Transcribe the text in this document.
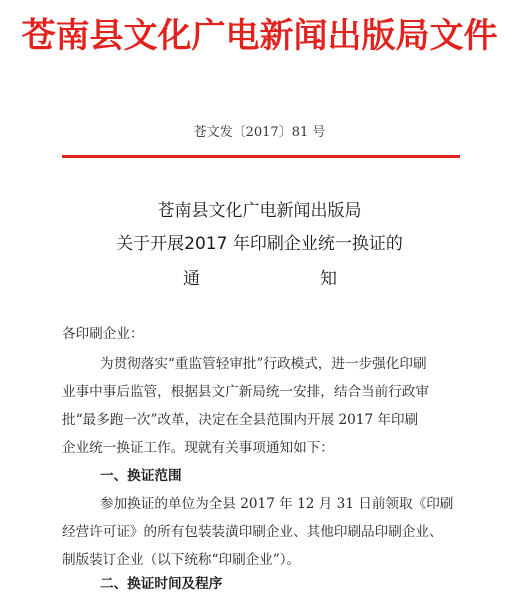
苍南县文化广电新闻出版局文件
苍文发〔2017〕81 号
苍南县文化广电新闻出版局
关于开展2017 年印刷企业统一换证的
通	知
各印刷企业：
为贯彻落实“重监管轻审批”行政模式，进一步强化印刷
业事中事后监管，根据县文广新局统一安排，结合当前行政审
批“最多跑一次”改革，决定在全县范围内开展 2017 年印刷
企业统一换证工作。现就有关事项通知如下：
一、换证范围
参加换证的单位为全县 2017 年 12 月 31 日前领取《印刷
经营许可证》的所有包装装潢印刷企业、其他印刷品印刷企业、
制版装订企业（以下统称“印刷企业”）。
二、换证时间及程序
